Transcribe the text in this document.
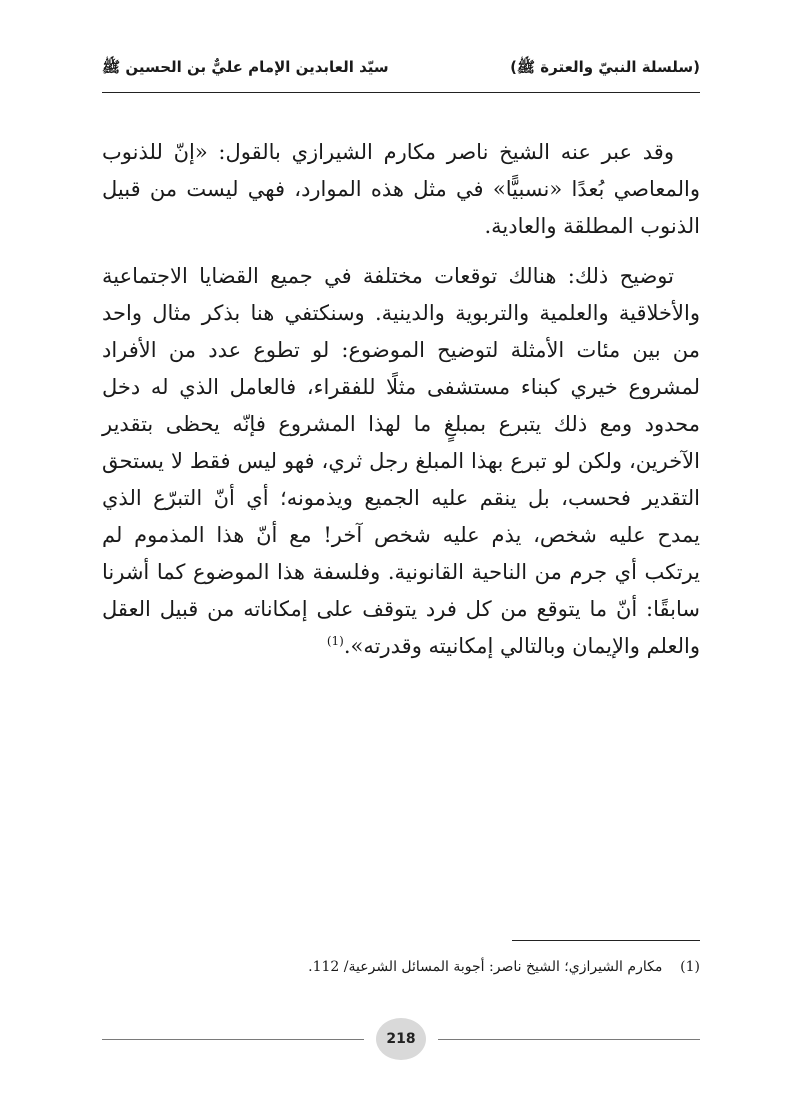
(سلسلة النبيّ والعترة ﷺ)
سيّد العابدين الإمام عليٌّ بن الحسين ﷺ

وقد عبر عنه الشيخ ناصر مكارم الشيرازي بالقول: «إنّ للذنوب والمعاصي بُعدًا «نسبيًّا» في مثل هذه الموارد، فهي ليست من قبيل الذنوب المطلقة والعادية.

توضيح ذلك: هنالك توقعات مختلفة في جميع القضايا الاجتماعية والأخلاقية والعلمية والتربوية والدينية. وسنكتفي هنا بذكر مثال واحد من بين مئات الأمثلة لتوضيح الموضوع: لو تطوع عدد من الأفراد لمشروع خيري كبناء مستشفى مثلًا للفقراء، فالعامل الذي له دخل محدود ومع ذلك يتبرع بمبلغٍ ما لهذا المشروع فإنّه يحظى بتقدير الآخرين، ولكن لو تبرع بهذا المبلغ رجل ثري، فهو ليس فقط لا يستحق التقدير فحسب، بل ينقم عليه الجميع ويذمونه؛ أي أنّ التبرّع الذي يمدح عليه شخص، يذم عليه شخص آخر! مع أنّ هذا المذموم لم يرتكب أي جرم من الناحية القانونية. وفلسفة هذا الموضوع كما أشرنا سابقًا: أنّ ما يتوقع من كل فرد يتوقف على إمكاناته من قبيل العقل والعلم والإيمان وبالتالي إمكانيته وقدرته».$^{(1)}$

(1)    مكارم الشيرازي؛ الشيخ ناصر: أجوبة المسائل الشرعية/ 112.
218
